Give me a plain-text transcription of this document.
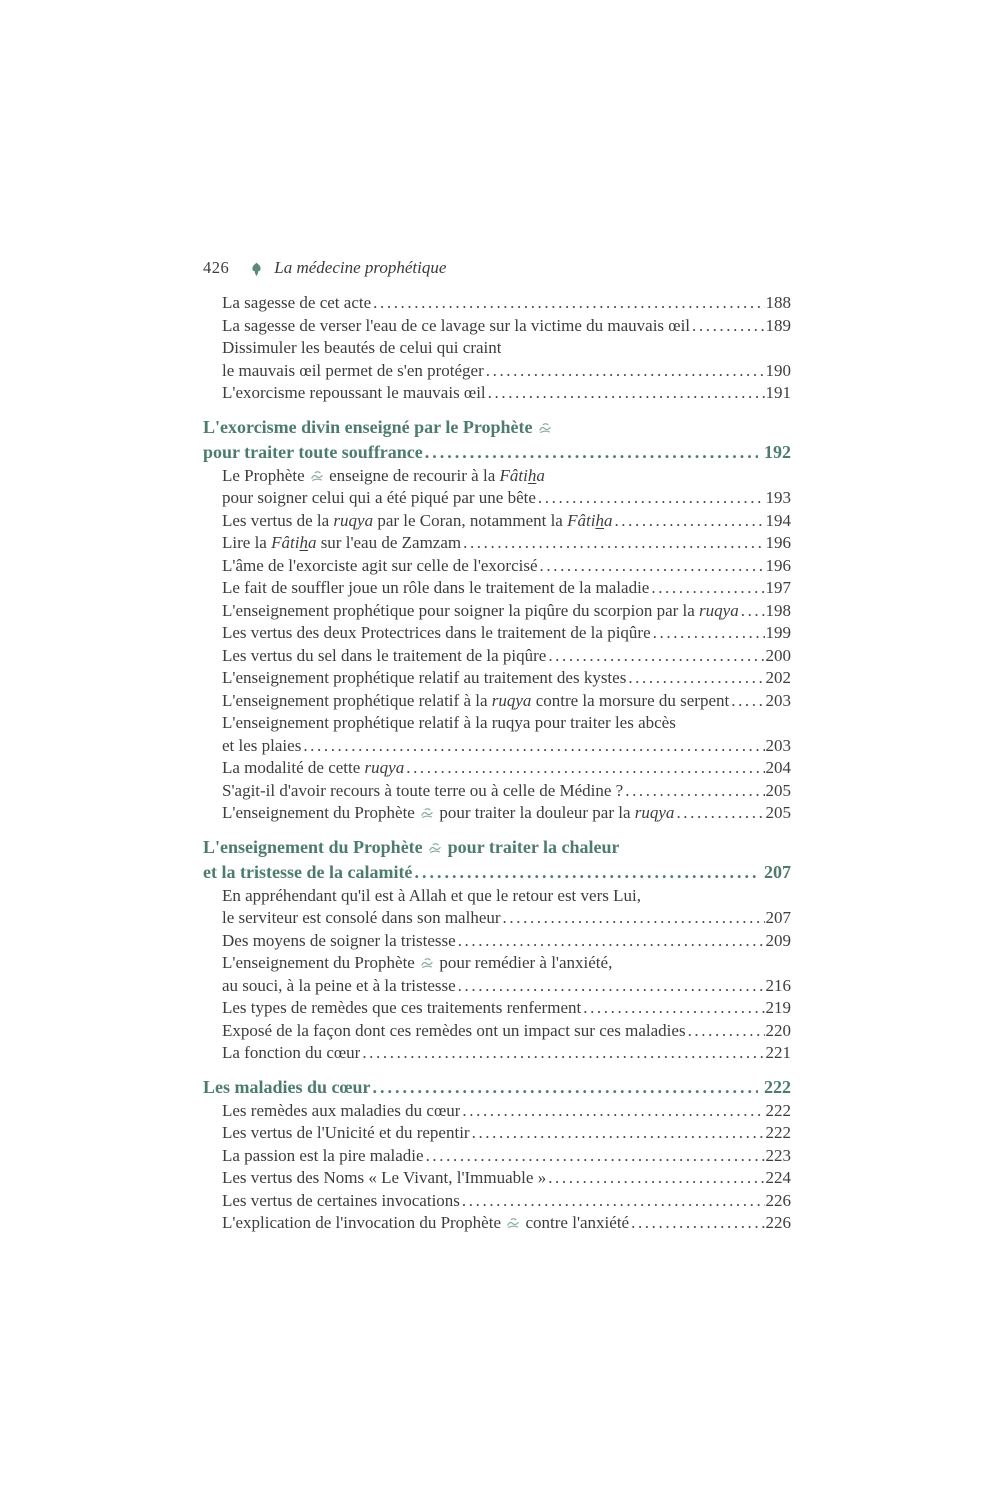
426	La médecine prophétique
La sagesse de cet acte .....	188
La sagesse de verser l'eau de ce lavage sur la victime du mauvais œil .....	189
Dissimuler les beautés de celui qui craint
le mauvais œil permet de s'en protéger .....	190
L'exorcisme repoussant le mauvais œil .....	191
L'exorcisme divin enseigné par le Prophète
pour traiter toute souffrance .....	192
Le Prophète  enseigne de recourir à la Fâtiha
pour soigner celui qui a été piqué par une bête .....	193
Les vertus de la ruqya par le Coran, notamment la Fâtiha .....	194
Lire la Fâtiha sur l'eau de Zamzam .....	196
L'âme de l'exorciste agit sur celle de l'exorcisé .....	196
Le fait de souffler joue un rôle dans le traitement de la maladie .....	197
L'enseignement prophétique pour soigner la piqûre du scorpion par la ruqya ..... 198
Les vertus des deux Protectrices dans le traitement de la piqûre .....	199
Les vertus du sel dans le traitement de la piqûre .....	200
L'enseignement prophétique relatif au traitement des kystes .....	202
L'enseignement prophétique relatif à la ruqya contre la morsure du serpent ..... 203
L'enseignement prophétique relatif à la ruqya pour traiter les abcès
et les plaies .....	203
La modalité de cette ruqya .....	204
S'agit-il d'avoir recours à toute terre ou à celle de Médine ? .....	205
L'enseignement du Prophète  pour traiter la douleur par la ruqya .....	205
L'enseignement du Prophète  pour traiter la chaleur
et la tristesse de la calamité .....	207
En appréhendant qu'il est à Allah et que le retour est vers Lui,
le serviteur est consolé dans son malheur .....	207
Des moyens de soigner la tristesse .....	209
L'enseignement du Prophète  pour remédier à l'anxiété,
au souci, à la peine et à la tristesse .....	216
Les types de remèdes que ces traitements renferment .....	219
Exposé de la façon dont ces remèdes ont un impact sur ces maladies .....	220
La fonction du cœur .....	221
Les maladies du cœur .....	222
Les remèdes aux maladies du cœur .....	222
Les vertus de l'Unicité et du repentir .....	222
La passion est la pire maladie .....	223
Les vertus des Noms « Le Vivant, l'Immuable » .....	224
Les vertus de certaines invocations .....	226
L'explication de l'invocation du Prophète  contre l'anxiété .....	226
